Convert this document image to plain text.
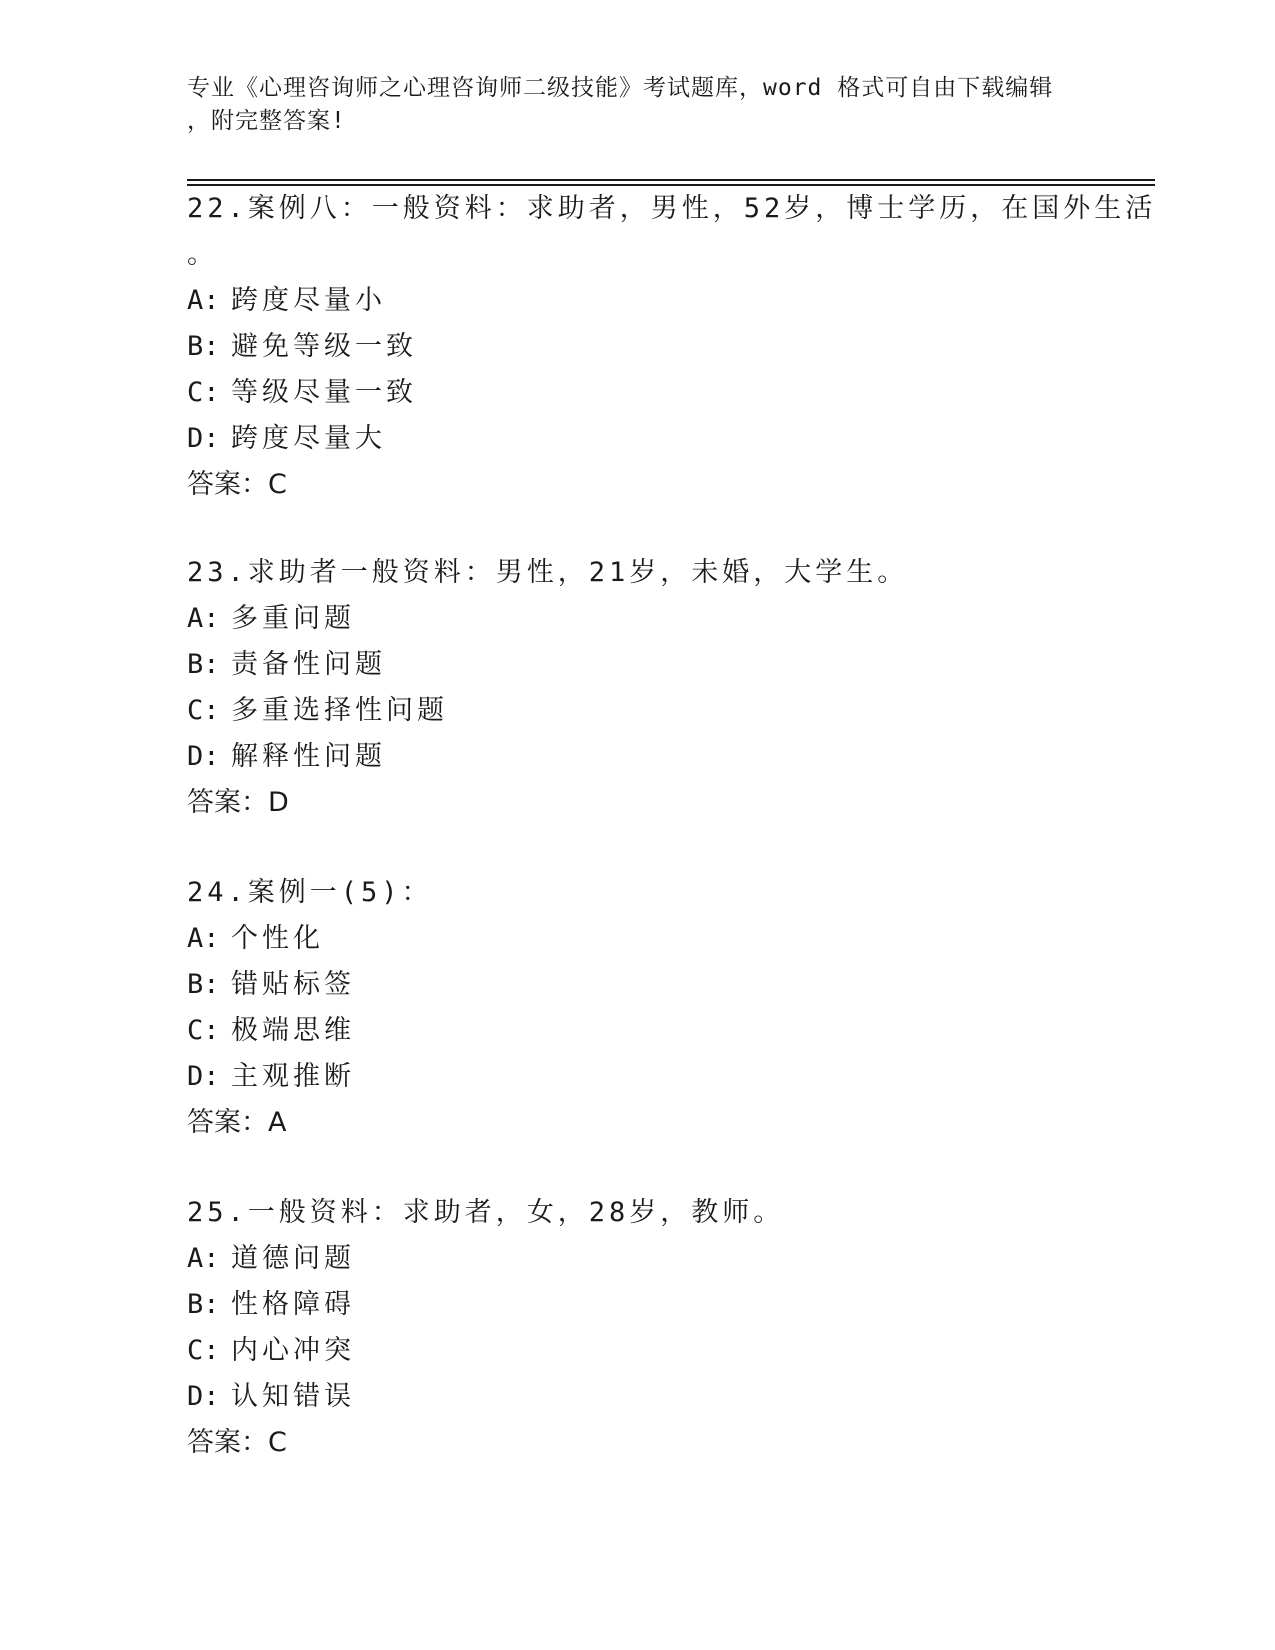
专业《心理咨询师之心理咨询师二级技能》考试题库，word 格式可自由下载编辑
，附完整答案!
22.案例八：一般资料：求助者，男性，52岁，博士学历，在国外生活
。
A: 跨度尽量小
B: 避免等级一致
C: 等级尽量一致
D: 跨度尽量大
答案：C
23.求助者一般资料：男性，21岁，未婚，大学生。
A: 多重问题
B: 责备性问题
C: 多重选择性问题
D: 解释性问题
答案：D
24.案例一(5)：
A: 个性化
B: 错贴标签
C: 极端思维
D: 主观推断
答案：A
25.一般资料：求助者，女，28岁，教师。
A: 道德问题
B: 性格障碍
C: 内心冲突
D: 认知错误
答案：C
